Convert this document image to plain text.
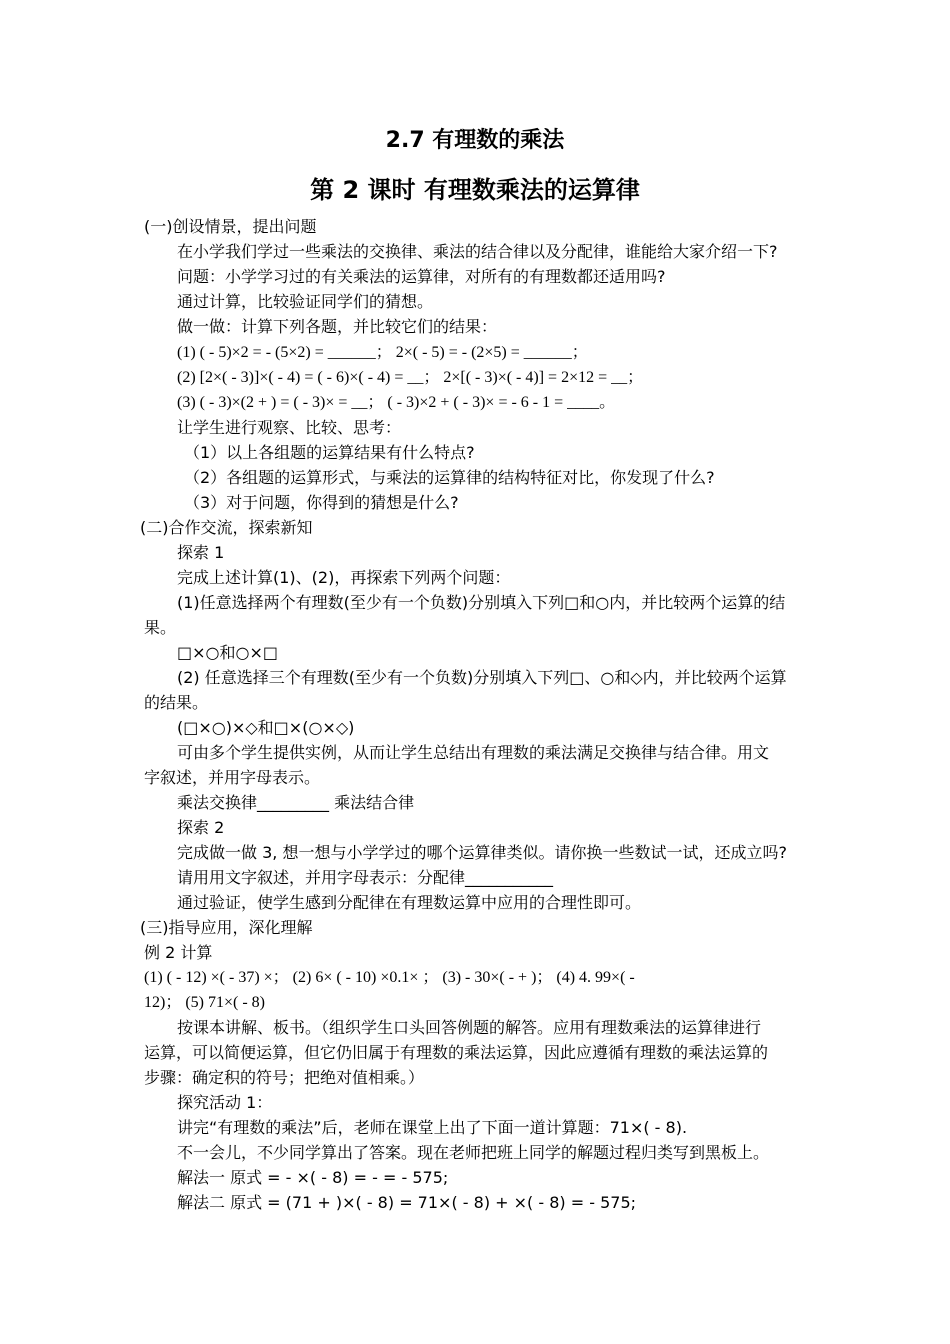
2.7 有理数的乘法
第 2 课时 有理数乘法的运算律
(一)创设情景，提出问题
在小学我们学过一些乘法的交换律、乘法的结合律以及分配律，谁能给大家介绍一下?
问题：小学学习过的有关乘法的运算律，对所有的有理数都还适用吗?
通过计算，比较验证同学们的猜想。
做一做：计算下列各题，并比较它们的结果：
(1) ( - 5)×2 = - (5×2) = ______； 2×( - 5) = - (2×5) = ______；
(2) [2×( - 3)]×( - 4) = ( - 6)×( - 4) = __； 2×[( - 3)×( - 4)] = 2×12 = __；
(3) ( - 3)×(2 + ) = ( - 3)× = __； ( - 3)×2 + ( - 3)× = - 6 - 1 = ____。
让学生进行观察、比较、思考：
（1）以上各组题的运算结果有什么特点?
（2）各组题的运算形式，与乘法的运算律的结构特征对比，你发现了什么?
（3）对于问题，你得到的猜想是什么?
(二)合作交流，探索新知
探索 1
完成上述计算(1)、(2)，再探索下列两个问题：
(1)任意选择两个有理数(至少有一个负数)分别填入下列□和○内，并比较两个运算的结
果。
□×○和○×□
(2) 任意选择三个有理数(至少有一个负数)分别填入下列□、○和◇内，并比较两个运算
的结果。
(□×○)×◇和□×(○×◇)
可由多个学生提供实例，从而让学生总结出有理数的乘法满足交换律与结合律。用文
字叙述，并用字母表示。
乘法交换律_________ 乘法结合律
探索 2
完成做一做 3, 想一想与小学学过的哪个运算律类似。请你换一些数试一试，还成立吗?
请用用文字叙述，并用字母表示：分配律___________
通过验证，使学生感到分配律在有理数运算中应用的合理性即可。
(三)指导应用，深化理解
例 2 计算
(1) ( - 12) ×( - 37) ×； (2) 6× ( - 10) ×0.1× ； (3) - 30×( - + )； (4) 4. 99×( -
12)； (5) 71×( - 8)
按课本讲解、板书。（组织学生口头回答例题的解答。应用有理数乘法的运算律进行
运算，可以简便运算，但它仍旧属于有理数的乘法运算，因此应遵循有理数的乘法运算的
步骤：确定积的符号；把绝对值相乘。）
探究活动 1：
讲完“有理数的乘法”后，老师在课堂上出了下面一道计算题：71×( - 8).
不一会儿，不少同学算出了答案。现在老师把班上同学的解题过程归类写到黑板上。
解法一 原式 = - ×( - 8) = - = - 575;
解法二 原式 = (71 + )×( - 8) = 71×( - 8) + ×( - 8) = - 575;
